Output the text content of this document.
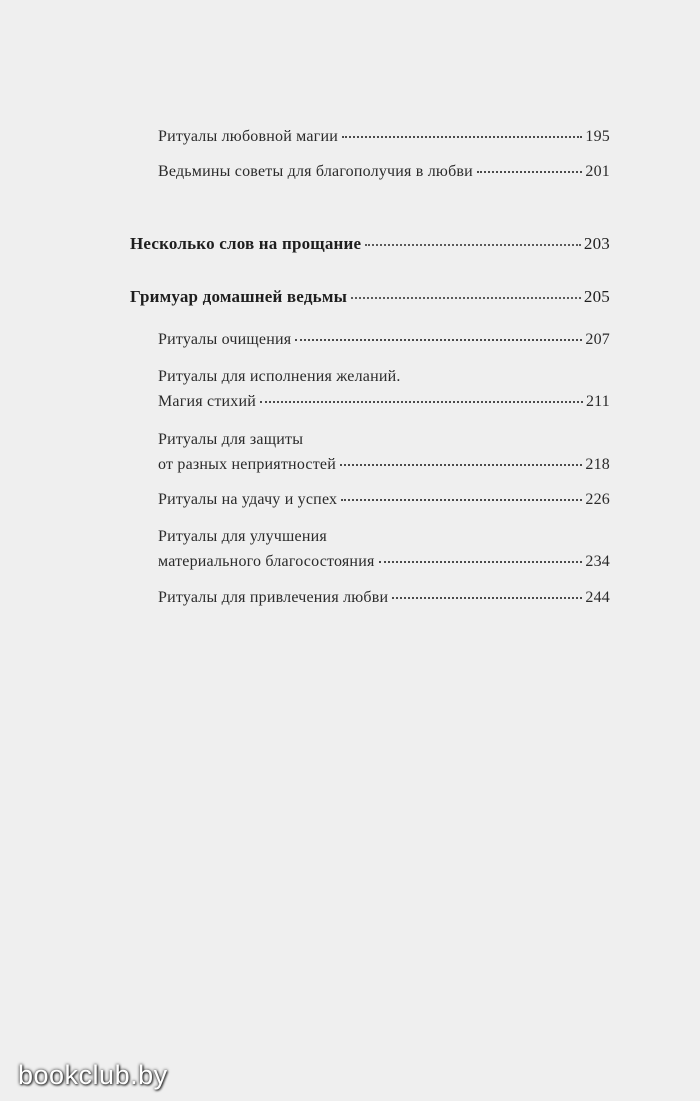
Ритуалы любовной магии	195
Ведьмины советы для благополучия в любви	201
Несколько слов на прощание	203
Гримуар домашней ведьмы	205
Ритуалы очищения	207
Ритуалы для исполнения желаний.
Магия стихий	211
Ритуалы для защиты
от разных неприятностей	218
Ритуалы на удачу и успех	226
Ритуалы для улучшения
материального благосостояния	234
Ритуалы для привлечения любви	244
bookclub.by
